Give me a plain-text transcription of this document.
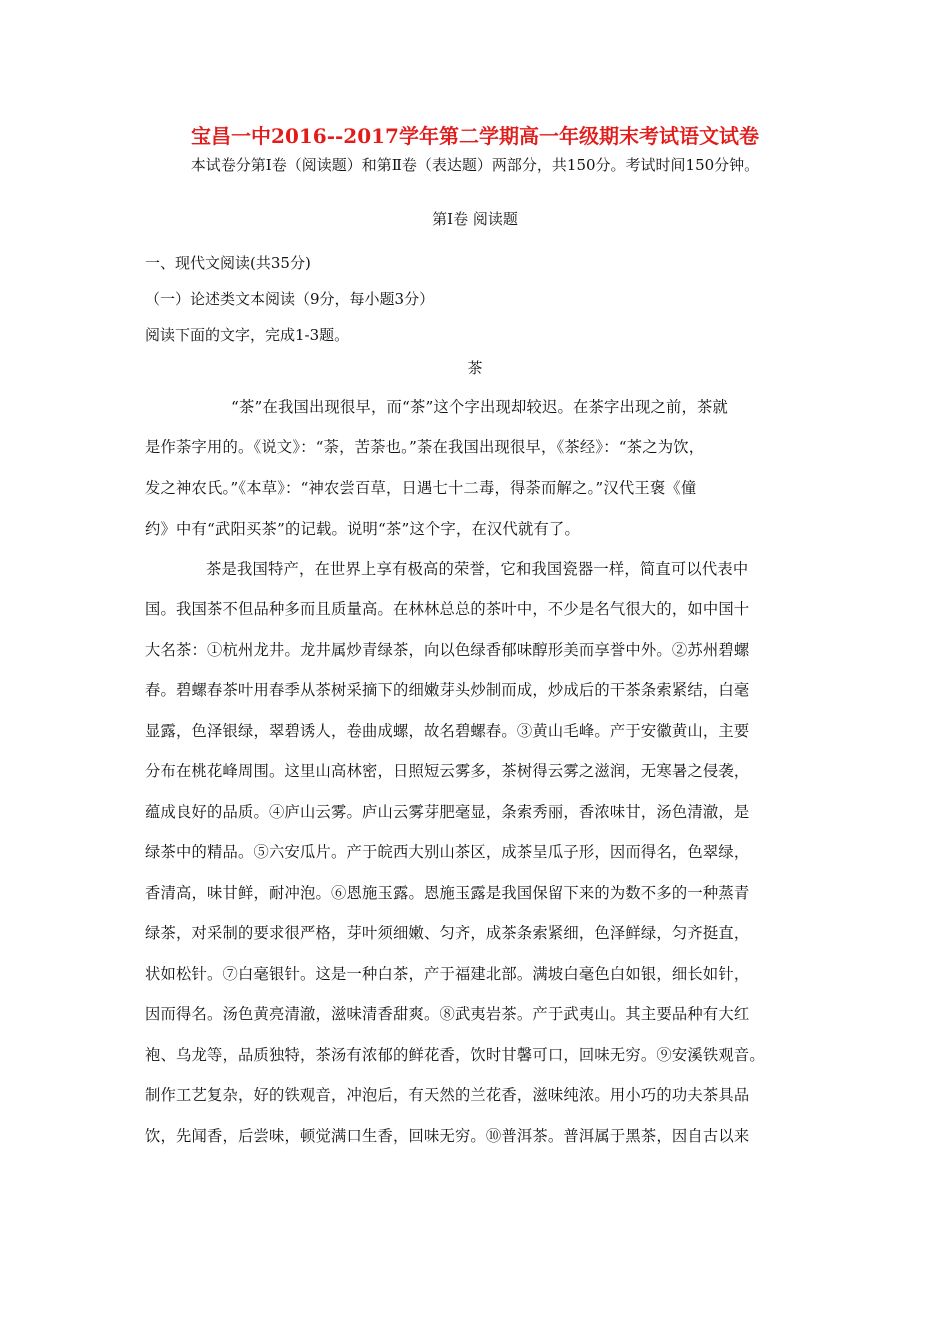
宝昌一中2016--2017学年第二学期高一年级期末考试语文试卷
本试卷分第Ⅰ卷（阅读题）和第Ⅱ卷（表达题）两部分，共150分。考试时间150分钟。
第Ⅰ卷 阅读题
一、现代文阅读(共35分)
（一）论述类文本阅读（9分，每小题3分）
阅读下面的文字，完成1-3题。
茶
“茶”在我国出现很早，而“茶”这个字出现却较迟。在茶字出现之前，茶就
是作荼字用的。《说文》：“荼，苦荼也。”荼在我国出现很早，《茶经》：“茶之为饮，
发之神农氏。”《本草》：“神农尝百草，日遇七十二毒，得荼而解之。”汉代王褒《僮
约》中有“武阳买茶”的记载。说明“茶”这个字，在汉代就有了。
茶是我国特产，在世界上享有极高的荣誉，它和我国瓷器一样，简直可以代表中
国。我国茶不但品种多而且质量高。在林林总总的茶叶中，不少是名气很大的，如中国十
大名茶：①杭州龙井。龙井属炒青绿茶，向以色绿香郁味醇形美而享誉中外。②苏州碧螺
春。碧螺春茶叶用春季从茶树采摘下的细嫩芽头炒制而成，炒成后的干茶条索紧结，白毫
显露，色泽银绿，翠碧诱人，卷曲成螺，故名碧螺春。③黄山毛峰。产于安徽黄山，主要
分布在桃花峰周围。这里山高林密，日照短云雾多，茶树得云雾之滋润，无寒暑之侵袭，
蕴成良好的品质。④庐山云雾。庐山云雾芽肥毫显，条索秀丽，香浓味甘，汤色清澈，是
绿茶中的精品。⑤六安瓜片。产于皖西大别山茶区，成茶呈瓜子形，因而得名，色翠绿，
香清高，味甘鲜，耐冲泡。⑥恩施玉露。恩施玉露是我国保留下来的为数不多的一种蒸青
绿茶，对采制的要求很严格，芽叶须细嫩、匀齐，成茶条索紧细，色泽鲜绿，匀齐挺直，
状如松针。⑦白毫银针。这是一种白茶，产于福建北部。满坡白毫色白如银，细长如针，
因而得名。汤色黄亮清澈，滋味清香甜爽。⑧武夷岩茶。产于武夷山。其主要品种有大红
袍、乌龙等，品质独特，茶汤有浓郁的鲜花香，饮时甘馨可口，回味无穷。⑨安溪铁观音。
制作工艺复杂，好的铁观音，冲泡后，有天然的兰花香，滋味纯浓。用小巧的功夫茶具品
饮，先闻香，后尝味，顿觉满口生香，回味无穷。⑩普洱茶。普洱属于黑茶，因自古以来
